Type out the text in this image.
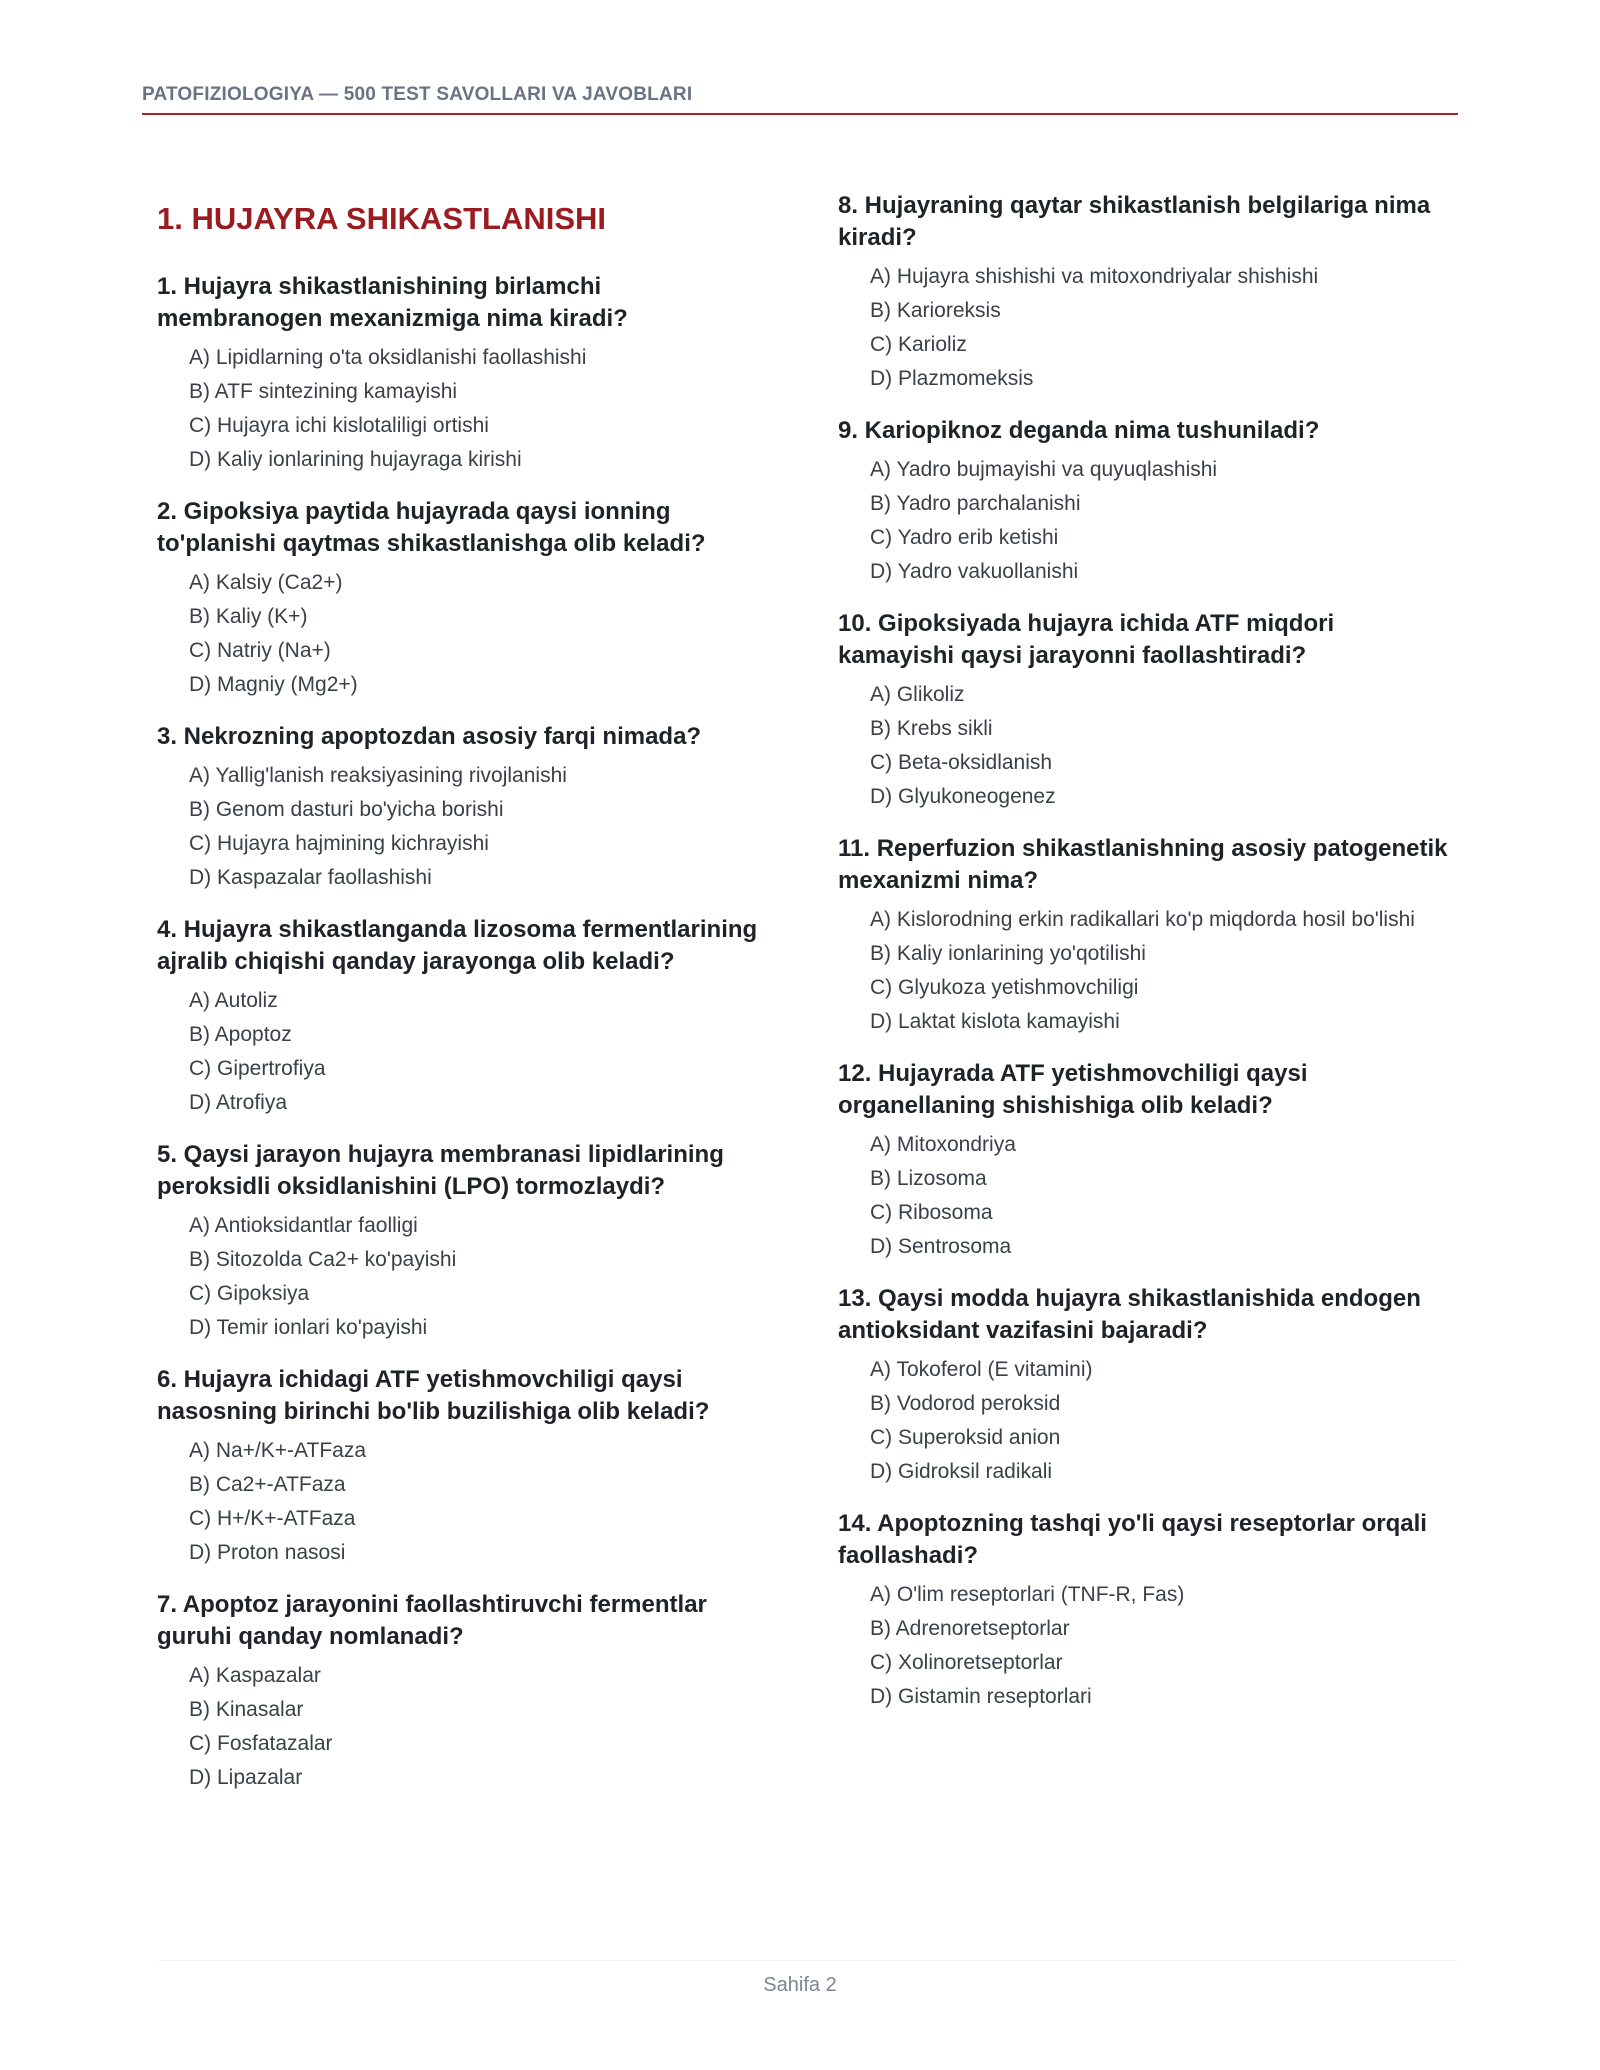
PATOFIZIOLOGIYA — 500 TEST SAVOLLARI VA JAVOBLARI
1. HUJAYRA SHIKASTLANISHI
1. Hujayra shikastlanishining birlamchi membranogen mexanizmiga nima kiradi?
A) Lipidlarning o'ta oksidlanishi faollashishi
B) ATF sintezining kamayishi
C) Hujayra ichi kislotaliligi ortishi
D) Kaliy ionlarining hujayraga kirishi
2. Gipoksiya paytida hujayrada qaysi ionning to'planishi qaytmas shikastlanishga olib keladi?
A) Kalsiy (Ca2+)
B) Kaliy (K+)
C) Natriy (Na+)
D) Magniy (Mg2+)
3. Nekrozning apoptozdan asosiy farqi nimada?
A) Yallig'lanish reaksiyasining rivojlanishi
B) Genom dasturi bo'yicha borishi
C) Hujayra hajmining kichrayishi
D) Kaspazalar faollashishi
4. Hujayra shikastlanganda lizosoma fermentlarining ajralib chiqishi qanday jarayonga olib keladi?
A) Autoliz
B) Apoptoz
C) Gipertrofiya
D) Atrofiya
5. Qaysi jarayon hujayra membranasi lipidlarining peroksidli oksidlanishini (LPO) tormozlaydi?
A) Antioksidantlar faolligi
B) Sitozolda Ca2+ ko'payishi
C) Gipoksiya
D) Temir ionlari ko'payishi
6. Hujayra ichidagi ATF yetishmovchiligi qaysi nasosning birinchi bo'lib buzilishiga olib keladi?
A) Na+/K+-ATFaza
B) Ca2+-ATFaza
C) H+/K+-ATFaza
D) Proton nasosi
7. Apoptoz jarayonini faollashtiruvchi fermentlar guruhi qanday nomlanadi?
A) Kaspazalar
B) Kinasalar
C) Fosfatazalar
D) Lipazalar
8. Hujayraning qaytar shikastlanish belgilariga nima kiradi?
A) Hujayra shishishi va mitoxondriyalar shishishi
B) Karioreksis
C) Karioliz
D) Plazmomeksis
9. Kariopiknoz deganda nima tushuniladi?
A) Yadro bujmayishi va quyuqlashishi
B) Yadro parchalanishi
C) Yadro erib ketishi
D) Yadro vakuollanishi
10. Gipoksiyada hujayra ichida ATF miqdori kamayishi qaysi jarayonni faollashtiradi?
A) Glikoliz
B) Krebs sikli
C) Beta-oksidlanish
D) Glyukoneogenez
11. Reperfuzion shikastlanishning asosiy patogenetik mexanizmi nima?
A) Kislorodning erkin radikallari ko'p miqdorda hosil bo'lishi
B) Kaliy ionlarining yo'qotilishi
C) Glyukoza yetishmovchiligi
D) Laktat kislota kamayishi
12. Hujayrada ATF yetishmovchiligi qaysi organellaning shishishiga olib keladi?
A) Mitoxondriya
B) Lizosoma
C) Ribosoma
D) Sentrosoma
13. Qaysi modda hujayra shikastlanishida endogen antioksidant vazifasini bajaradi?
A) Tokoferol (E vitamini)
B) Vodorod peroksid
C) Superoksid anion
D) Gidroksil radikali
14. Apoptozning tashqi yo'li qaysi reseptorlar orqali faollashadi?
A) O'lim reseptorlari (TNF-R, Fas)
B) Adrenoretseptorlar
C) Xolinoretseptorlar
D) Gistamin reseptorlari
Sahifa 2
